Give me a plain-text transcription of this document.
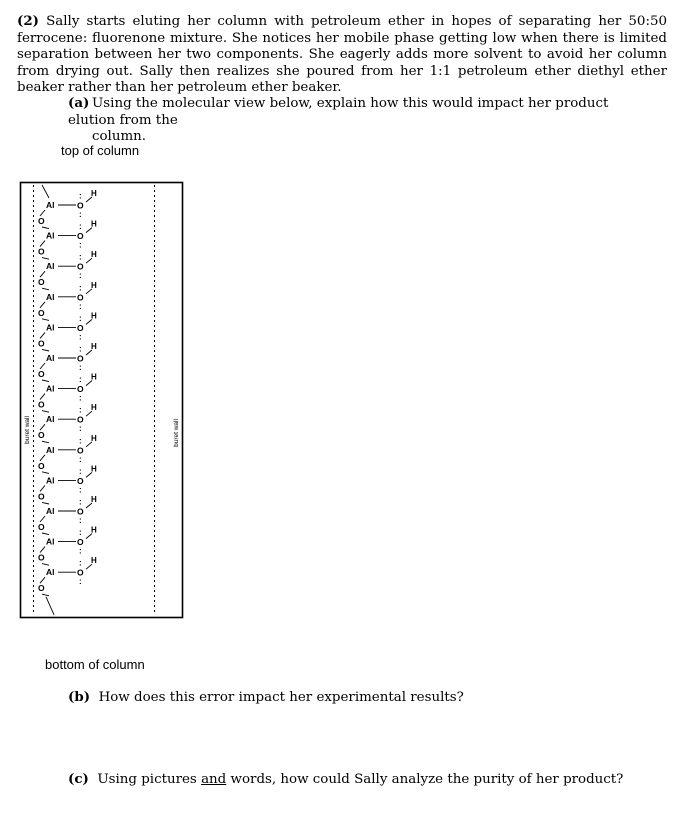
(2) Sally starts eluting her column with petroleum ether in hopes of separating her 50:50 ferrocene: fluorenone mixture. She notices her mobile phase getting low when there is limited separation between her two components. She eagerly adds more solvent to avoid her column from drying out. Sally then realizes she poured from her 1:1 petroleum ether diethyl ether beaker rather than her petroleum ether beaker.

(a) Using the molecular view below, explain how this would impact her product elution from the
column.

top of column
buret wall	buret wall
Al	O
:
:
H
O
Al	O
:
:
H
O
Al	O
:
:
H
O
Al	O
:
:
H
O
Al	O
:
:
H
O
Al	O
:
:
H
O
Al	O
:
:
H
O
Al	O
:
:
H
O
Al	O
:
:
H
O
Al	O
:
:
H
O
Al	O
:
:
H
O
Al	O
:
:
H
O
Al	O
:
:
H
O
bottom of column

(b) How does this error impact her experimental results?

(c) Using pictures and words, how could Sally analyze the purity of her product?
